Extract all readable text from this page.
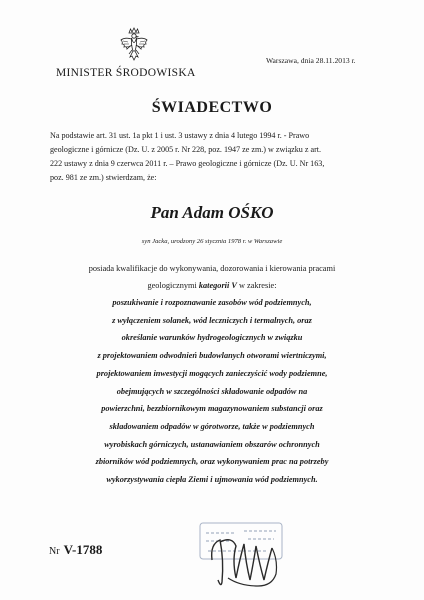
MINISTER ŚRODOWISKA
Warszawa, dnia 28.11.2013 r.
ŚWIADECTWO
Na podstawie art. 31 ust. 1a pkt 1 i ust. 3 ustawy z dnia 4 lutego 1994 r. - Prawo
geologiczne i górnicze (Dz. U. z 2005 r. Nr 228, poz. 1947 ze zm.) w związku z art.
222 ustawy z dnia 9 czerwca 2011 r. – Prawo geologiczne i górnicze (Dz. U. Nr 163,
poz. 981 ze zm.) stwierdzam, że:
Pan Adam OŚKO
syn Jacka, urodzony 26 stycznia 1978 r. w Warszawie
posiada kwalifikacje do wykonywania, dozorowania i kierowania pracami
geologicznymi kategorii V w zakresie:
poszukiwanie i rozpoznawanie zasobów wód podziemnych,
z wyłączeniem solanek, wód leczniczych i termalnych, oraz
określanie warunków hydrogeologicznych w związku
z projektowaniem odwodnień budowlanych otworami wiertniczymi,
projektowaniem inwestycji mogących zanieczyścić wody podziemne,
obejmujących w szczególności składowanie odpadów na
powierzchni, bezzbiornikowym magazynowaniem substancji oraz
składowaniem odpadów w górotworze, także w podziemnych
wyrobiskach górniczych, ustanawianiem obszarów ochronnych
zbiorników wód podziemnych, oraz wykonywaniem prac na potrzeby
wykorzystywania ciepła Ziemi i ujmowania wód podziemnych.
Nr V-1788
